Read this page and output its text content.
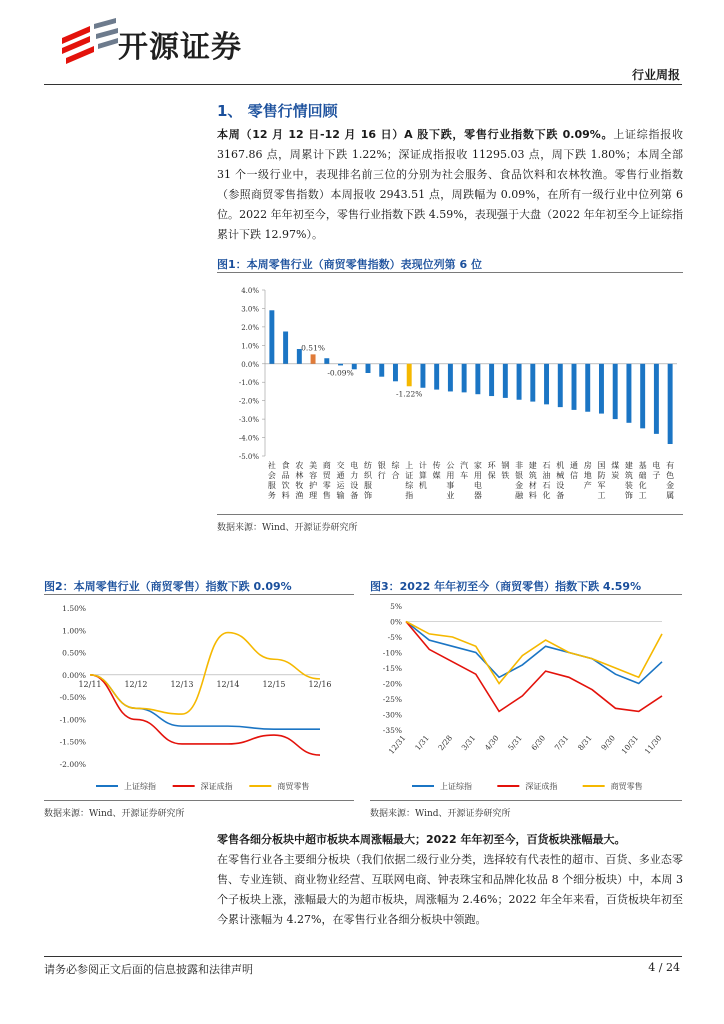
开源证券
行业周报
1、 零售行情回顾
本周（12 月 12 日-12 月 16 日）A 股下跌，零售行业指数下跌 0.09%。上证综指报收 3167.86 点，周累计下跌 1.22%；深证成指报收 11295.03 点，周下跌 1.80%；本周全部 31 个一级行业中，表现排名前三位的分别为社会服务、食品饮料和农林牧渔。零售行业指数（参照商贸零售指数）本周报收 2943.51 点，周跌幅为 0.09%，在所有一级行业中位列第 6 位。2022 年年初至今，零售行业指数下跌 4.59%，表现强于大盘（2022 年年初至今上证综指累计下跌 12.97%）。
图1：本周零售行业（商贸零售指数）表现位列第 6 位
4.0%
3.0%
2.0%
1.0%
0.0%
-1.0%
-2.0%
-3.0%
-4.0%
-5.0%
社
会
服
务
食
品
饮
料
农
林
牧
渔
美
容
护
理
商
贸
零
售
交
通
运
输
电
力
设
备
纺
织
服
饰
银
行
综
合
上
证
综
指
计
算
机
传
媒
公
用
事
业
汽
车
家
用
电
器
环
保
钢
铁
非
银
金
融
建
筑
材
料
石
油
石
化
机
械
设
备
通
信
房
地
产
国
防
军
工
煤
炭
建
筑
装
饰
基
础
化
工
电
子
有
色
金
属
0.51%
-0.09%
-1.22%
数据来源：Wind、开源证券研究所
图2：本周零售行业（商贸零售）指数下跌 0.09%
1.50%
1.00%
0.50%
0.00%
-0.50%
-1.00%
-1.50%
-2.00%
12/11	12/12	12/13	12/14	12/15	12/16
上证综指	深证成指	商贸零售
数据来源：Wind、开源证券研究所
图3：2022 年年初至今（商贸零售）指数下跌 4.59%
5%
0%
-5%
-10%
-15%
-20%
-25%
-30%
-35%
12/31 1/31 2/28 3/31 4/30 5/31 6/30 7/31 8/31 9/30 10/31 11/30
上证综指	深证成指	商贸零售
数据来源：Wind、开源证券研究所
零售各细分板块中超市板块本周涨幅最大；2022 年年初至今，百货板块涨幅最大。
在零售行业各主要细分板块（我们依据二级行业分类，选择较有代表性的超市、百货、多业态零售、专业连锁、商业物业经营、互联网电商、钟表珠宝和品牌化妆品 8 个细分板块）中，本周 3 个子板块上涨，涨幅最大的为超市板块，周涨幅为 2.46%；2022 年全年来看，百货板块年初至今累计涨幅为 4.27%，在零售行业各细分板块中领跑。
请务必参阅正文后面的信息披露和法律声明	4 / 24
